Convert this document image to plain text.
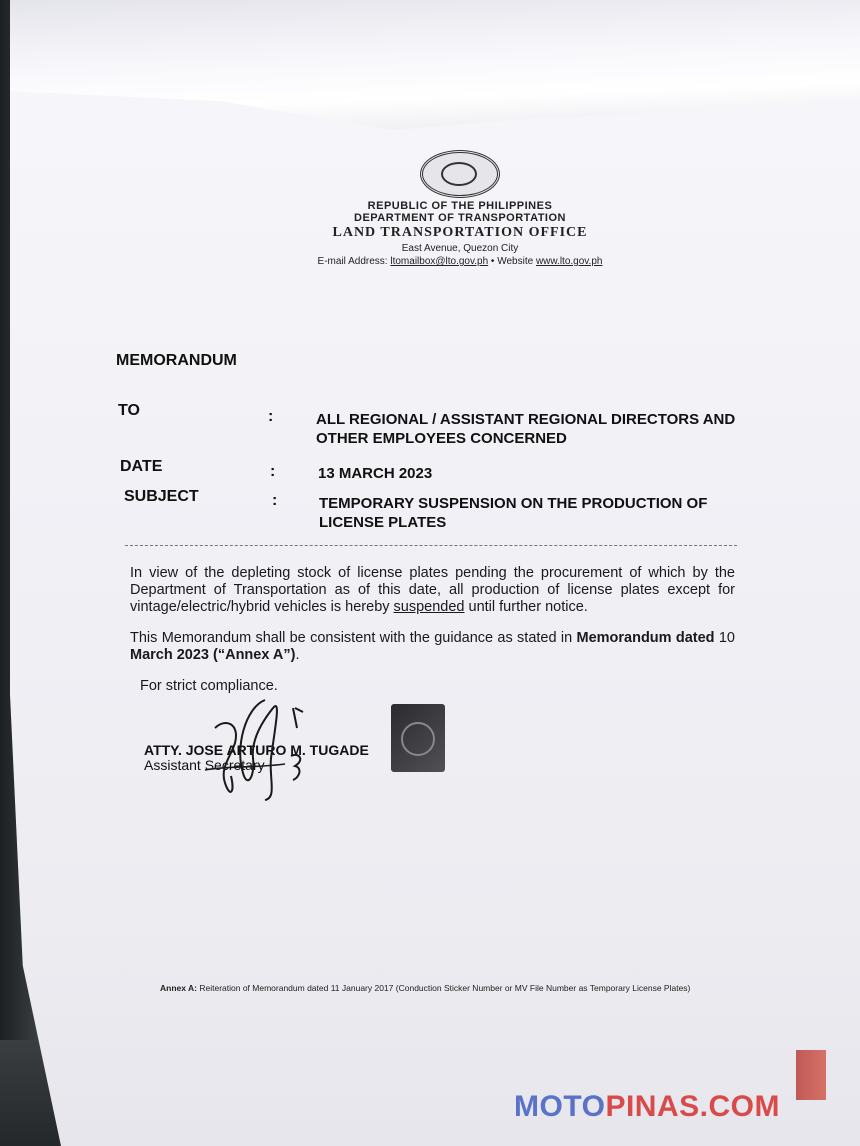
REPUBLIC OF THE PHILIPPINES
DEPARTMENT OF TRANSPORTATION
LAND TRANSPORTATION OFFICE
East Avenue, Quezon City
E-mail Address: ltomailbox@lto.gov.ph • Website www.lto.gov.ph
MEMORANDUM
TO	:	ALL REGIONAL / ASSISTANT REGIONAL DIRECTORS AND OTHER EMPLOYEES CONCERNED
DATE	:	13 MARCH 2023
SUBJECT	:	TEMPORARY SUSPENSION ON THE PRODUCTION OF LICENSE PLATES
In view of the depleting stock of license plates pending the procurement of which by the Department of Transportation as of this date, all production of license plates except for vintage/electric/hybrid vehicles is hereby suspended until further notice.
This Memorandum shall be consistent with the guidance as stated in Memorandum dated 10 March 2023 (“Annex A”).
For strict compliance.
ATTY. JOSE ARTURO M. TUGADE
Assistant Secretary
Annex A: Reiteration of Memorandum dated 11 January 2017 (Conduction Sticker Number or MV File Number as Temporary License Plates)
MOTOPINAS.COM
